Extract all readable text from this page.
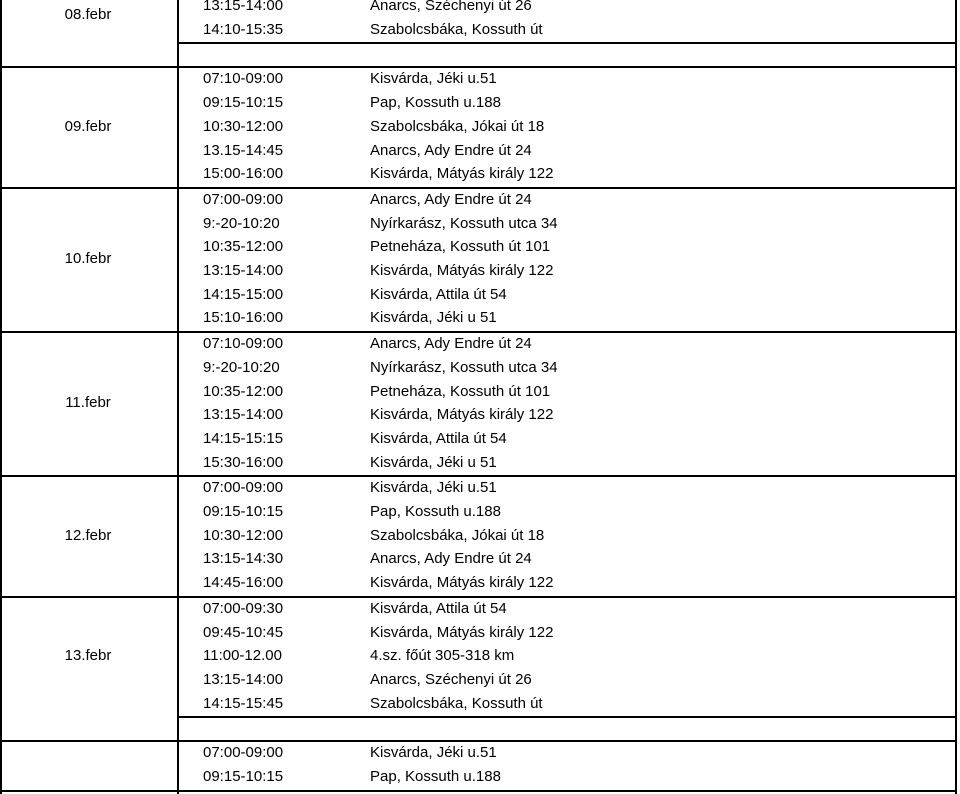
08.febr
13:15-14:00	Anarcs, Széchenyi út 26
14:10-15:35	Szabolcsbáka, Kossuth út
09.febr
07:10-09:00	Kisvárda, Jéki u.51
09:15-10:15	Pap, Kossuth u.188
10:30-12:00	Szabolcsbáka, Jókai út 18
13.15-14:45	Anarcs, Ady Endre út 24
15:00-16:00	Kisvárda, Mátyás király 122
10.febr
07:00-09:00	Anarcs, Ady Endre út 24
9:-20-10:20	Nyírkarász, Kossuth utca 34
10:35-12:00	Petneháza, Kossuth út 101
13:15-14:00	Kisvárda, Mátyás király 122
14:15-15:00	Kisvárda, Attila út 54
15:10-16:00	Kisvárda, Jéki u 51
11.febr
07:10-09:00	Anarcs, Ady Endre út 24
9:-20-10:20	Nyírkarász, Kossuth utca 34
10:35-12:00	Petneháza, Kossuth út 101
13:15-14:00	Kisvárda, Mátyás király 122
14:15-15:15	Kisvárda, Attila út 54
15:30-16:00	Kisvárda, Jéki u 51
12.febr
07:00-09:00	Kisvárda, Jéki u.51
09:15-10:15	Pap, Kossuth u.188
10:30-12:00	Szabolcsbáka, Jókai út 18
13:15-14:30	Anarcs, Ady Endre út 24
14:45-16:00	Kisvárda, Mátyás király 122
13.febr
07:00-09:30	Kisvárda, Attila út 54
09:45-10:45	Kisvárda, Mátyás király 122
11:00-12.00	4.sz. főút 305-318 km
13:15-14:00	Anarcs, Széchenyi út 26
14:15-15:45	Szabolcsbáka, Kossuth út
07:00-09:00	Kisvárda, Jéki u.51
09:15-10:15	Pap, Kossuth u.188
